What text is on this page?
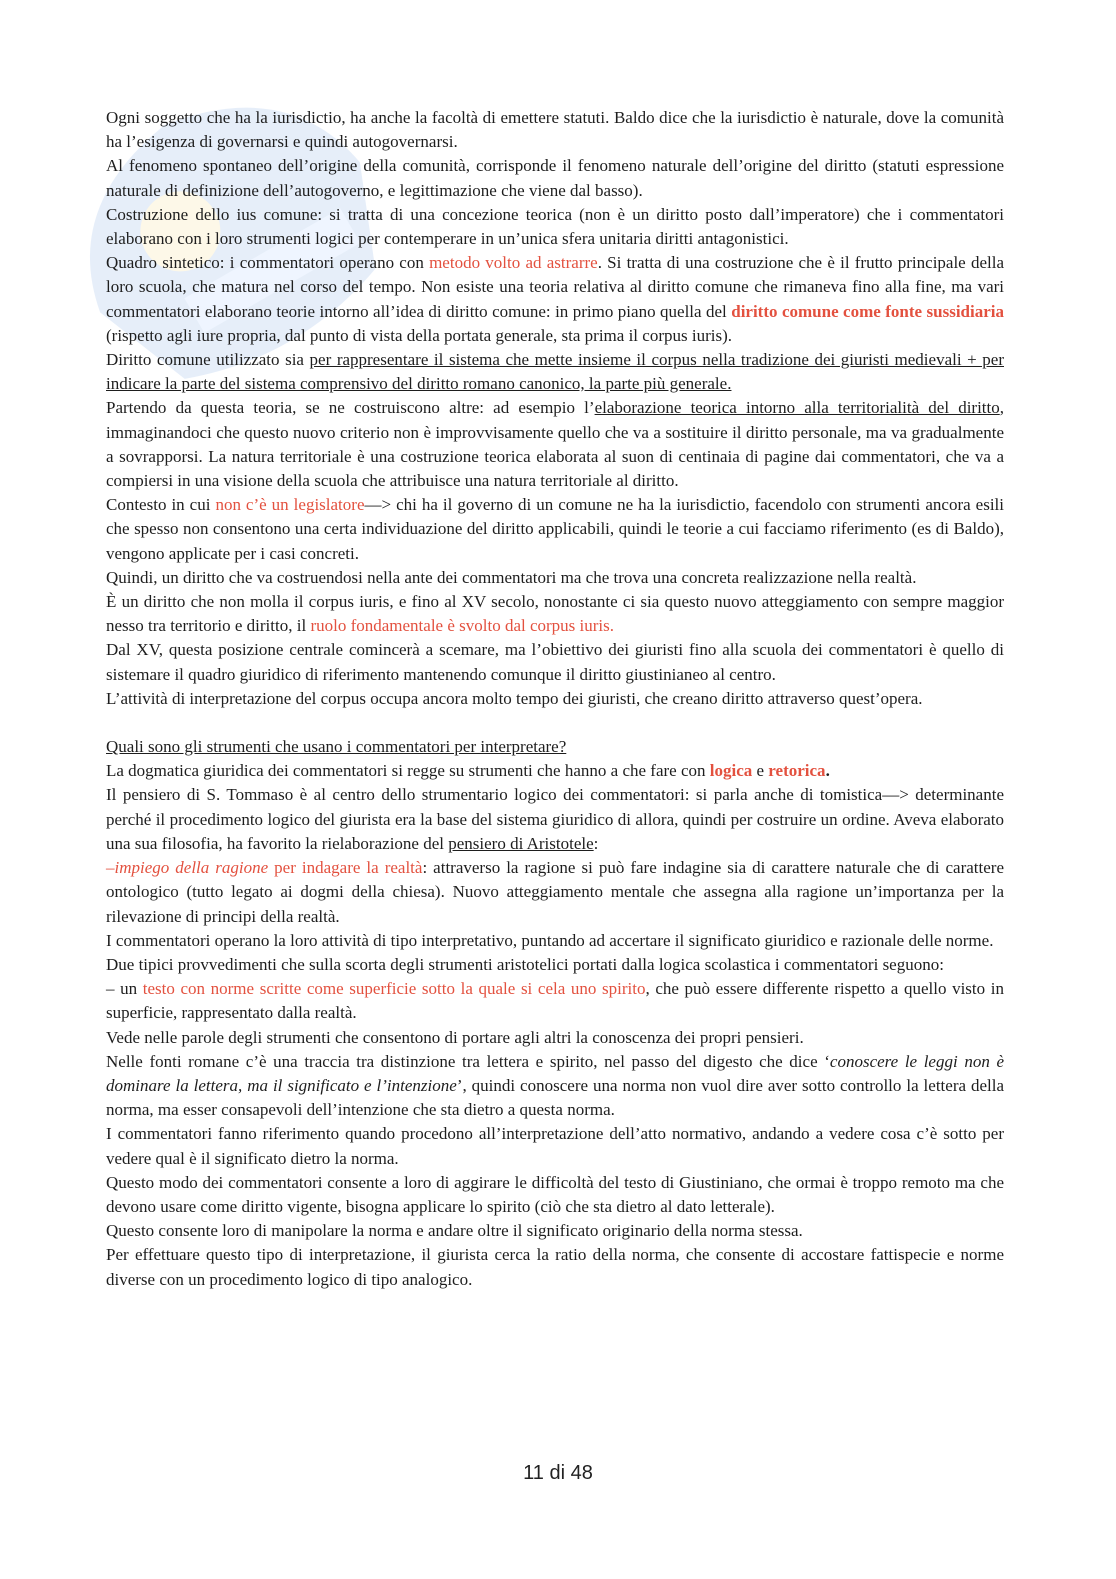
Ogni soggetto che ha la iurisdictio, ha anche la facoltà di emettere statuti. Baldo dice che la iurisdictio è naturale, dove la comunità ha l’esigenza di governarsi e quindi autogovernarsi.

Al fenomeno spontaneo dell’origine della comunità, corrisponde il fenomeno naturale dell’origine del diritto (statuti espressione naturale di definizione dell’autogoverno, e legittimazione che viene dal basso).

Costruzione dello ius comune: si tratta di una concezione teorica (non è un diritto posto dall’imperatore) che i commentatori elaborano con i loro strumenti logici per contemperare in un’unica sfera unitaria diritti antagonistici.

Quadro sintetico: i commentatori operano con metodo volto ad astrarre. Si tratta di una costruzione che è il frutto principale della loro scuola, che matura nel corso del tempo. Non esiste una teoria relativa al diritto comune che rimaneva fino alla fine, ma vari commentatori elaborano teorie intorno all’idea di diritto comune: in primo piano quella del diritto comune come fonte sussidiaria (rispetto agli iure propria, dal punto di vista della portata generale, sta prima il corpus iuris).

Diritto comune utilizzato sia per rappresentare il sistema che mette insieme il corpus nella tradizione dei giuristi medievali + per indicare la parte del sistema comprensivo del diritto romano canonico, la parte più generale.

Partendo da questa teoria, se ne costruiscono altre: ad esempio l’elaborazione teorica intorno alla territorialità del diritto, immaginandoci che questo nuovo criterio non è improvvisamente quello che va a sostituire il diritto personale, ma va gradualmente a sovrapporsi. La natura territoriale è una costruzione teorica elaborata al suon di centinaia di pagine dai commentatori, che va a compiersi in una visione della scuola che attribuisce una natura territoriale al diritto.

Contesto in cui non c’è un legislatore—> chi ha il governo di un comune ne ha la iurisdictio, facendolo con strumenti ancora esili che spesso non consentono una certa individuazione del diritto applicabili, quindi le teorie a cui facciamo riferimento (es di Baldo), vengono applicate per i casi concreti.

Quindi, un diritto che va costruendosi nella ante dei commentatori ma che trova una concreta realizzazione nella realtà.

È un diritto che non molla il corpus iuris, e fino al XV secolo, nonostante ci sia questo nuovo atteggiamento con sempre maggior nesso tra territorio e diritto, il ruolo fondamentale è svolto dal corpus iuris.

Dal XV, questa posizione centrale comincerà a scemare, ma l’obiettivo dei giuristi fino alla scuola dei commentatori è quello di sistemare il quadro giuridico di riferimento mantenendo comunque il diritto giustinianeo al centro.

L’attività di interpretazione del corpus occupa ancora molto tempo dei giuristi, che creano diritto attraverso quest’opera.

Quali sono gli strumenti che usano i commentatori per interpretare?

La dogmatica giuridica dei commentatori si regge su strumenti che hanno a che fare con logica e retorica.

Il pensiero di S. Tommaso è al centro dello strumentario logico dei commentatori: si parla anche di tomistica—> determinante perché il procedimento logico del giurista era la base del sistema giuridico di allora, quindi per costruire un ordine. Aveva elaborato una sua filosofia, ha favorito la rielaborazione del pensiero di Aristotele:

–impiego della ragione per indagare la realtà: attraverso la ragione si può fare indagine sia di carattere naturale che di carattere ontologico (tutto legato ai dogmi della chiesa). Nuovo atteggiamento mentale che assegna alla ragione un’importanza per la rilevazione di principi della realtà.

I commentatori operano la loro attività di tipo interpretativo, puntando ad accertare il significato giuridico e razionale delle norme.

Due tipici provvedimenti che sulla scorta degli strumenti aristotelici portati dalla logica scolastica i commentatori seguono:

– un testo con norme scritte come superficie sotto la quale si cela uno spirito, che può essere differente rispetto a quello visto in superficie, rappresentato dalla realtà.

Vede nelle parole degli strumenti che consentono di portare agli altri la conoscenza dei propri pensieri.

Nelle fonti romane c’è una traccia tra distinzione tra lettera e spirito, nel passo del digesto che dice ‘conoscere le leggi non è dominare la lettera, ma il significato e l’intenzione’, quindi conoscere una norma non vuol dire aver sotto controllo la lettera della norma, ma esser consapevoli dell’intenzione che sta dietro a questa norma.

I commentatori fanno riferimento quando procedono all’interpretazione dell’atto normativo, andando a vedere cosa c’è sotto per vedere qual è il significato dietro la norma.

Questo modo dei commentatori consente a loro di aggirare le difficoltà del testo di Giustiniano, che ormai è troppo remoto ma che devono usare come diritto vigente, bisogna applicare lo spirito (ciò che sta dietro al dato letterale).

Questo consente loro di manipolare la norma e andare oltre il significato originario della norma stessa.

Per effettuare questo tipo di interpretazione, il giurista cerca la ratio della norma, che consente di accostare fattispecie e norme diverse con un procedimento logico di tipo analogico.

11 di 48
